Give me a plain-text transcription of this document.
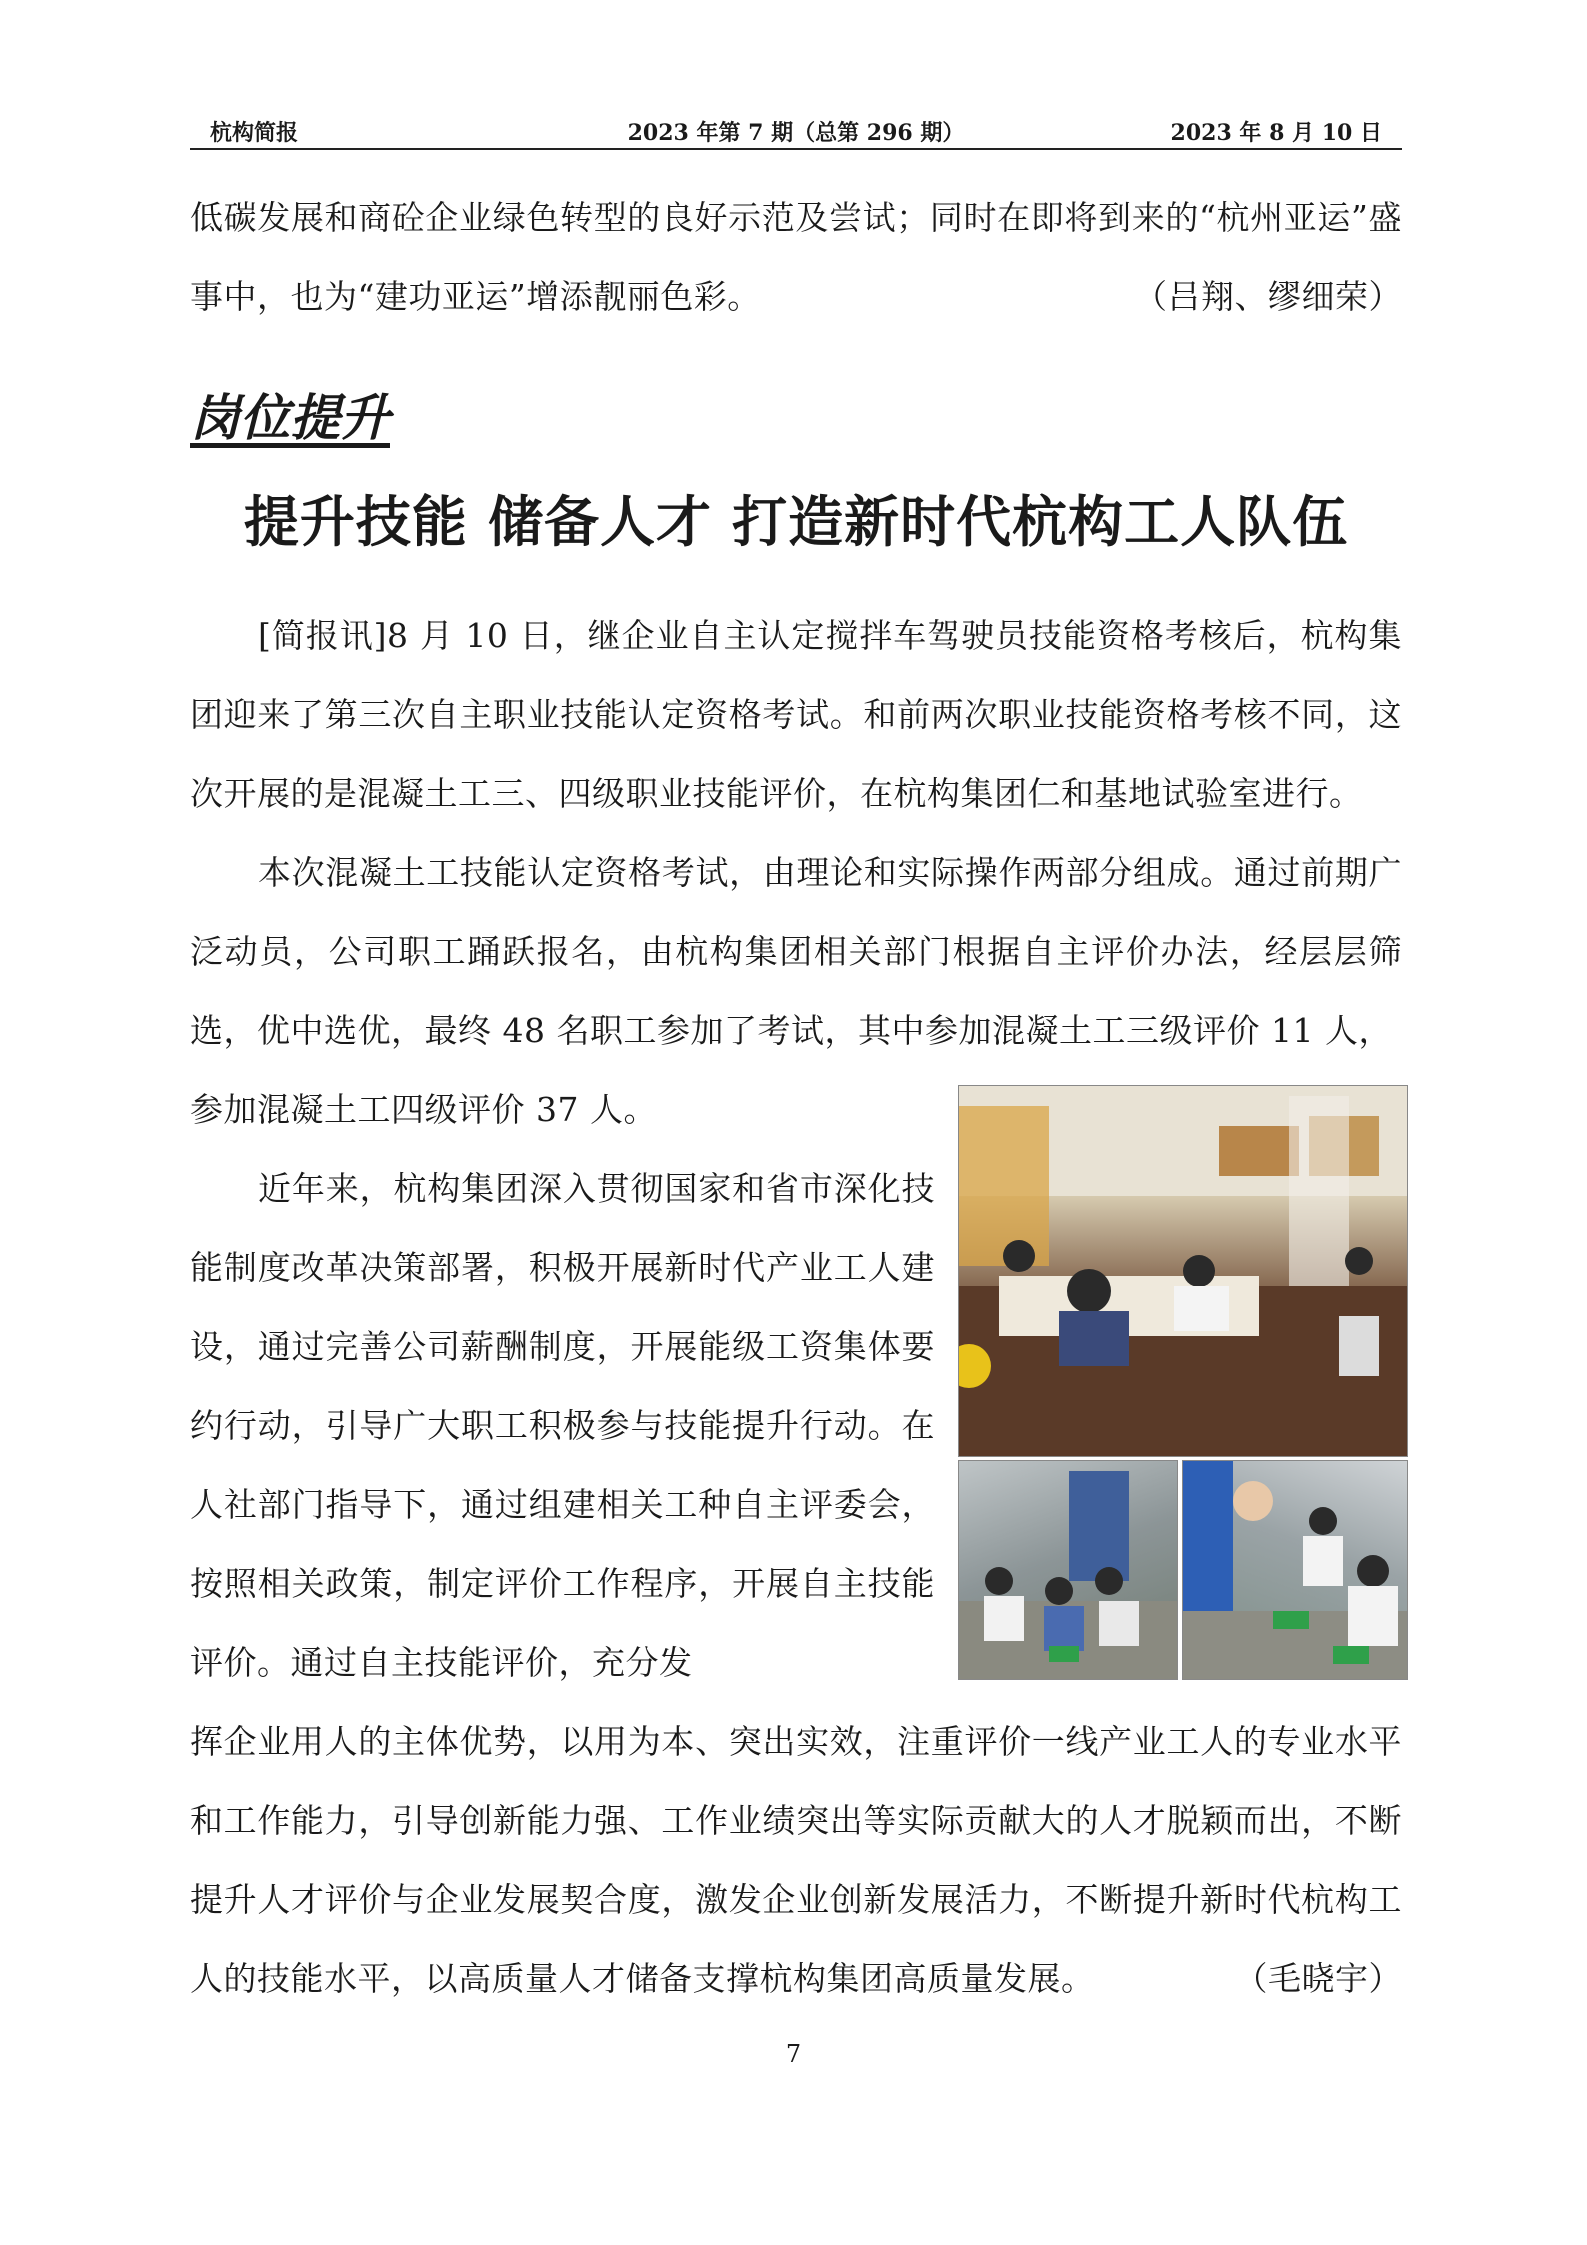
杭构简报	2023 年第 7 期（总第 296 期）	2023 年 8 月 10 日

低碳发展和商砼企业绿色转型的良好示范及尝试；同时在即将到来的“杭州亚运”盛事中，也为“建功亚运”增添靓丽色彩。	（吕翔、缪细荣）

岗位提升
提升技能 储备人才 打造新时代杭构工人队伍

[简报讯]8 月 10 日，继企业自主认定搅拌车驾驶员技能资格考核后，杭构集团迎来了第三次自主职业技能认定资格考试。和前两次职业技能资格考核不同，这次开展的是混凝土工三、四级职业技能评价，在杭构集团仁和基地试验室进行。

本次混凝土工技能认定资格考试，由理论和实际操作两部分组成。通过前期广泛动员，公司职工踊跃报名，由杭构集团相关部门根据自主评价办法，经层层筛选，优中选优，最终 48 名职工参加了考试，其中参加混凝土工三级评价 11 人，

参加混凝土工四级评价 37 人。

近年来，杭构集团深入贯彻国家和省市深化技能制度改革决策部署，积极开展新时代产业工人建设，通过完善公司薪酬制度，开展能级工资集体要约行动，引导广大职工积极参与技能提升行动。在人社部门指导下，通过组建相关工种自主评委会，按照相关政策，制定评价工作程序，开展自主技能评价。通过自主技能评价，充分发

挥企业用人的主体优势，以用为本、突出实效，注重评价一线产业工人的专业水平和工作能力，引导创新能力强、工作业绩突出等实际贡献大的人才脱颖而出，不断提升人才评价与企业发展契合度，激发企业创新发展活力，不断提升新时代杭构工人的技能水平，以高质量人才储备支撑杭构集团高质量发展。	（毛晓宇）

7
